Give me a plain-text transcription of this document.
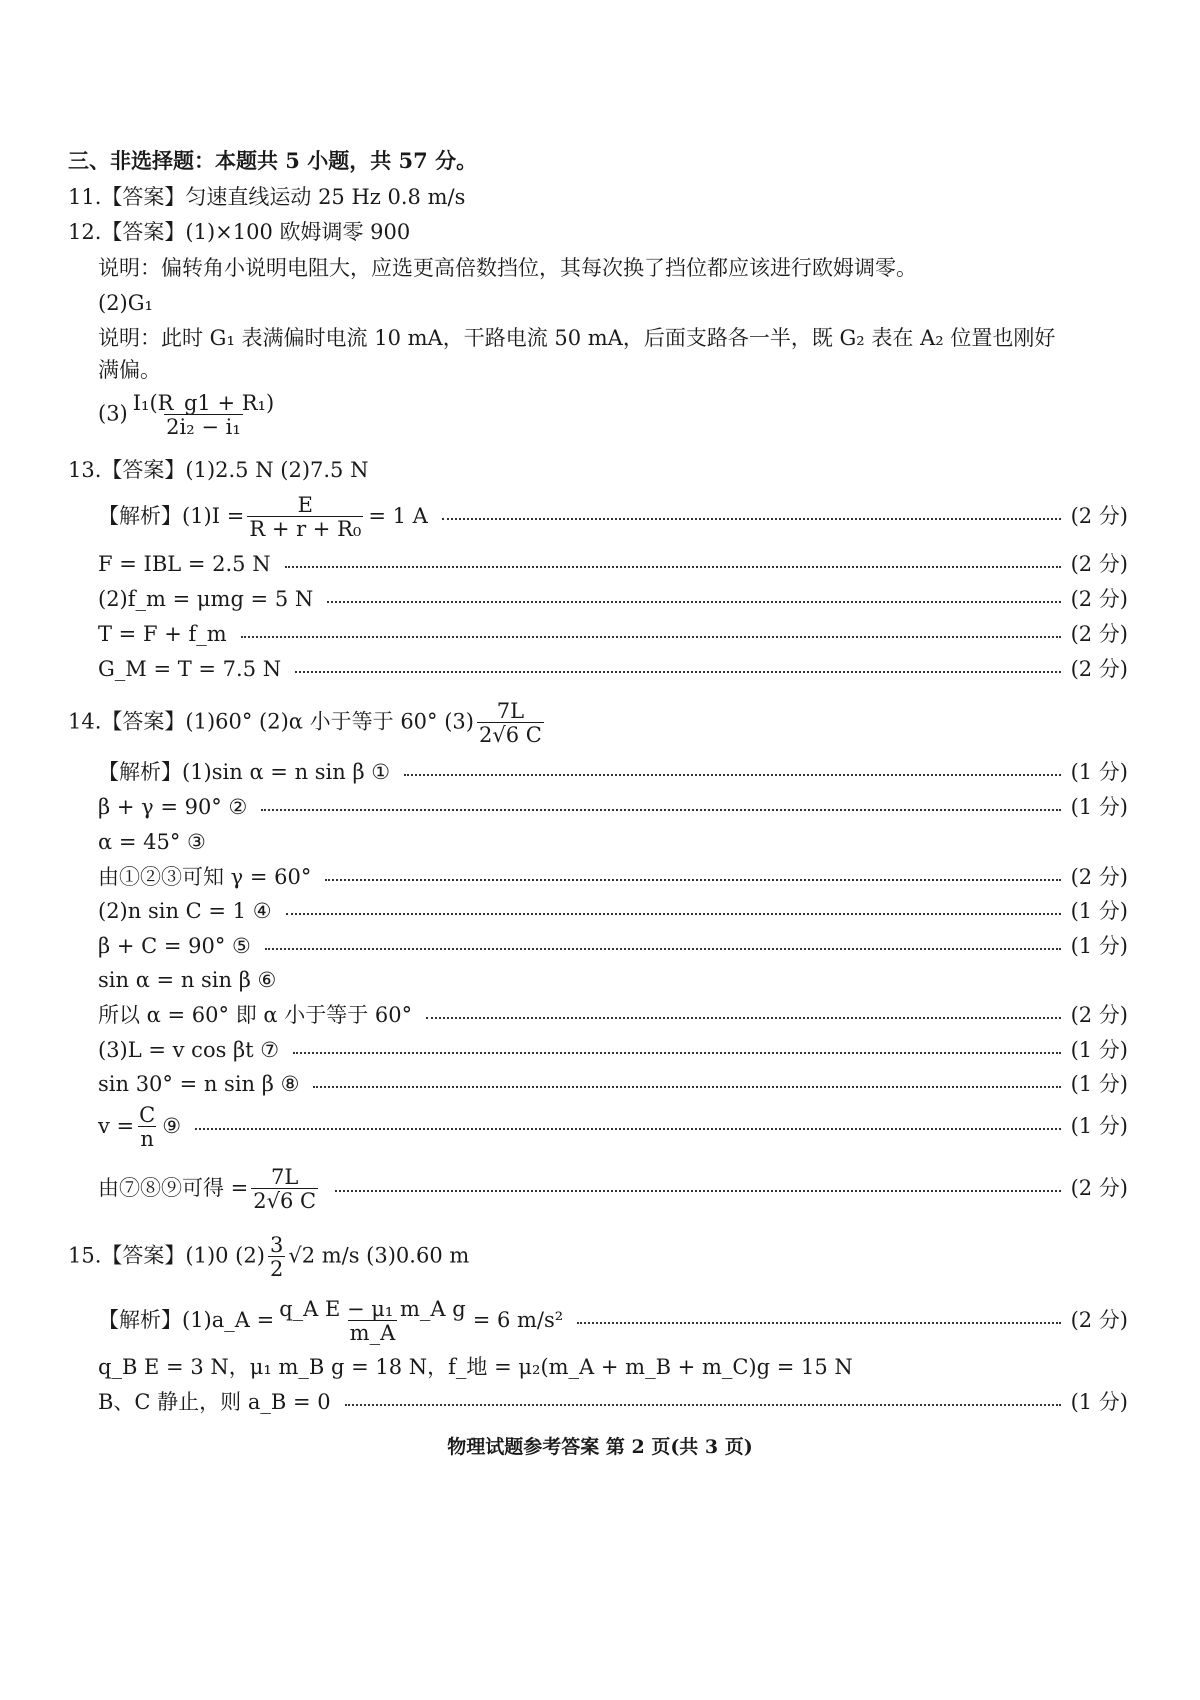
三、非选择题：本题共 5 小题，共 57 分。
11.【答案】匀速直线运动 25 Hz 0.8 m/s
12.【答案】(1)×100 欧姆调零 900
说明：偏转角小说明电阻大，应选更高倍数挡位，其每次换了挡位都应该进行欧姆调零。
(2)G₁
说明：此时 G₁ 表满偏时电流 10 mA，干路电流 50 mA，后面支路各一半，既 G₂ 表在 A₂ 位置也刚好
满偏。
$(3) \frac{\text{I₁(R\_g1 + R₁)}}{\text{2i₂ − i₁}}$
13.【答案】(1)2.5 N (2)7.5 N
【解析】$(1)I = \frac{E}{\text{R + r + R₀}} = 1$ A	(2 分)
F = IBL = 2.5 N	(2 分)
(2)f_m = μmg = 5 N	(2 分)
T = F + f_m	(2 分)
G_M = T = 7.5 N	(2 分)
14.【答案】(1)60° (2)α 小于等于 60° $(3) \frac{7L}{2√6 C}$
【解析】(1)sin α = n sin β ①	(1 分)
β + γ = 90° ②	(1 分)
α = 45° ③
由①②③可知 γ = 60°	(2 分)
(2)n sin C = 1 ④	(1 分)
β + C = 90° ⑤	(1 分)
sin α = n sin β ⑥
所以 α = 60° 即 α 小于等于 60°	(2 分)
(3)L = v cos βt ⑦	(1 分)
sin 30° = n sin β ⑧	(1 分)
$v = \frac{C}{n}$ ⑨	(1 分)
由⑦⑧⑨可得 = $\frac{7L}{2√6 C}$	(2 分)
15.【答案】(1)0 $(2) \frac{3}{2} √2$ m/s (3)0.60 m
【解析】(1)a_A = $\frac{\text{q\_A E − μ₁ m\_A g}}{m\_A} = 6$ m/s²	(2 分)
q_B E = 3 N，μ₁ m_B g = 18 N，f_地 = μ₂(m_A + m_B + m_C)g = 15 N
B、C 静止，则 a_B = 0	(1 分)
物理试题参考答案 第 2 页(共 3 页)
